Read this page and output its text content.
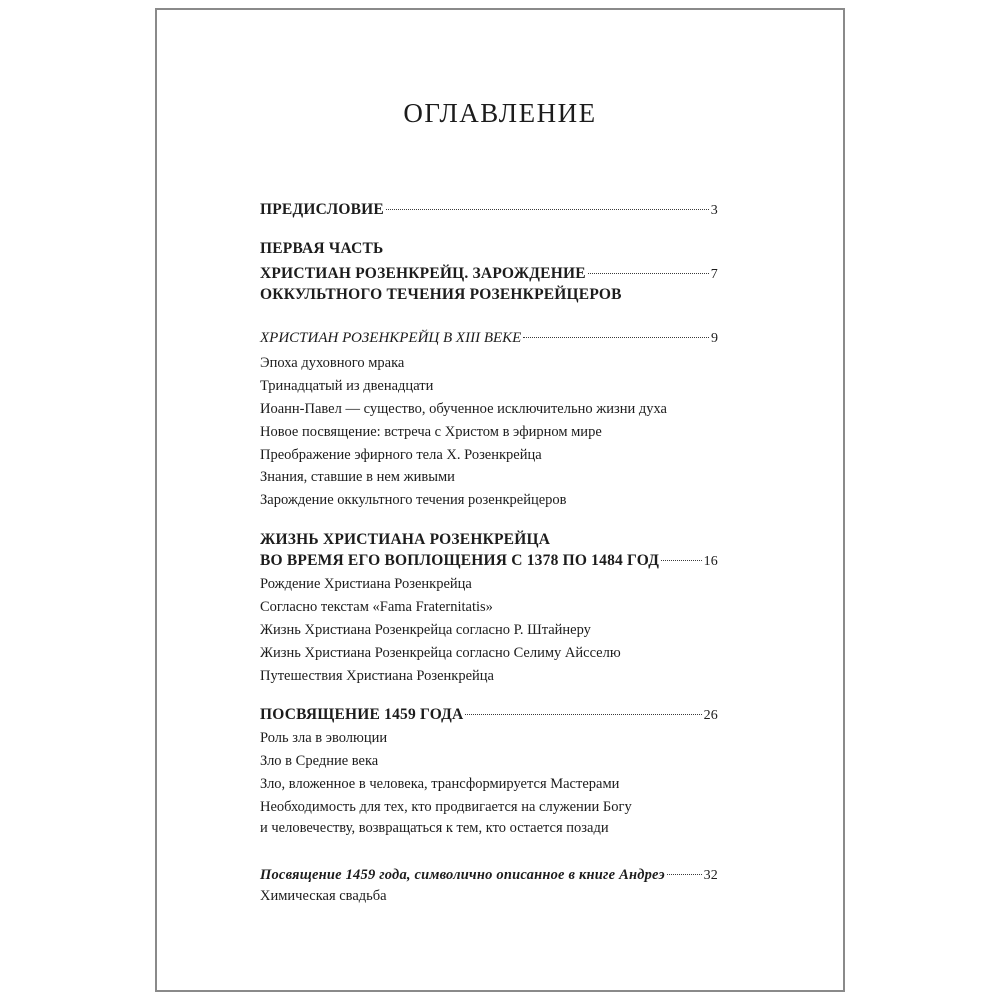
ОГЛАВЛЕНИЕ
ПРЕДИСЛОВИЕ	3
ПЕРВАЯ ЧАСТЬ
ХРИСТИАН РОЗЕНКРЕЙЦ. ЗАРОЖДЕНИЕ	7
ОККУЛЬТНОГО ТЕЧЕНИЯ РОЗЕНКРЕЙЦЕРОВ
ХРИСТИАН РОЗЕНКРЕЙЦ В XIII ВЕКЕ	9
Эпоха духовного мрака
Тринадцатый из двенадцати
Иоанн-Павел — существо, обученное исключительно жизни духа
Новое посвящение: встреча с Христом в эфирном мире
Преображение эфирного тела Х. Розенкрейца
Знания, ставшие в нем живыми
Зарождение оккультного течения розенкрейцеров
ЖИЗНЬ ХРИСТИАНА РОЗЕНКРЕЙЦА
ВО ВРЕМЯ ЕГО ВОПЛОЩЕНИЯ С 1378 ПО 1484 ГОД	16
Рождение Христиана Розенкрейца
Согласно текстам «Fama Fraternitatis»
Жизнь Христиана Розенкрейца согласно Р. Штайнеру
Жизнь Христиана Розенкрейца согласно Селиму Айсселю
Путешествия Христиана Розенкрейца
ПОСВЯЩЕНИЕ 1459 ГОДА	26
Роль зла в эволюции
Зло в Средние века
Зло, вложенное в человека, трансформируется Мастерами
Необходимость для тех, кто продвигается на служении Богу
и человечеству, возвращаться к тем, кто остается позади
Посвящение 1459 года, символично описанное в книге Андреэ	32
Химическая свадьба
